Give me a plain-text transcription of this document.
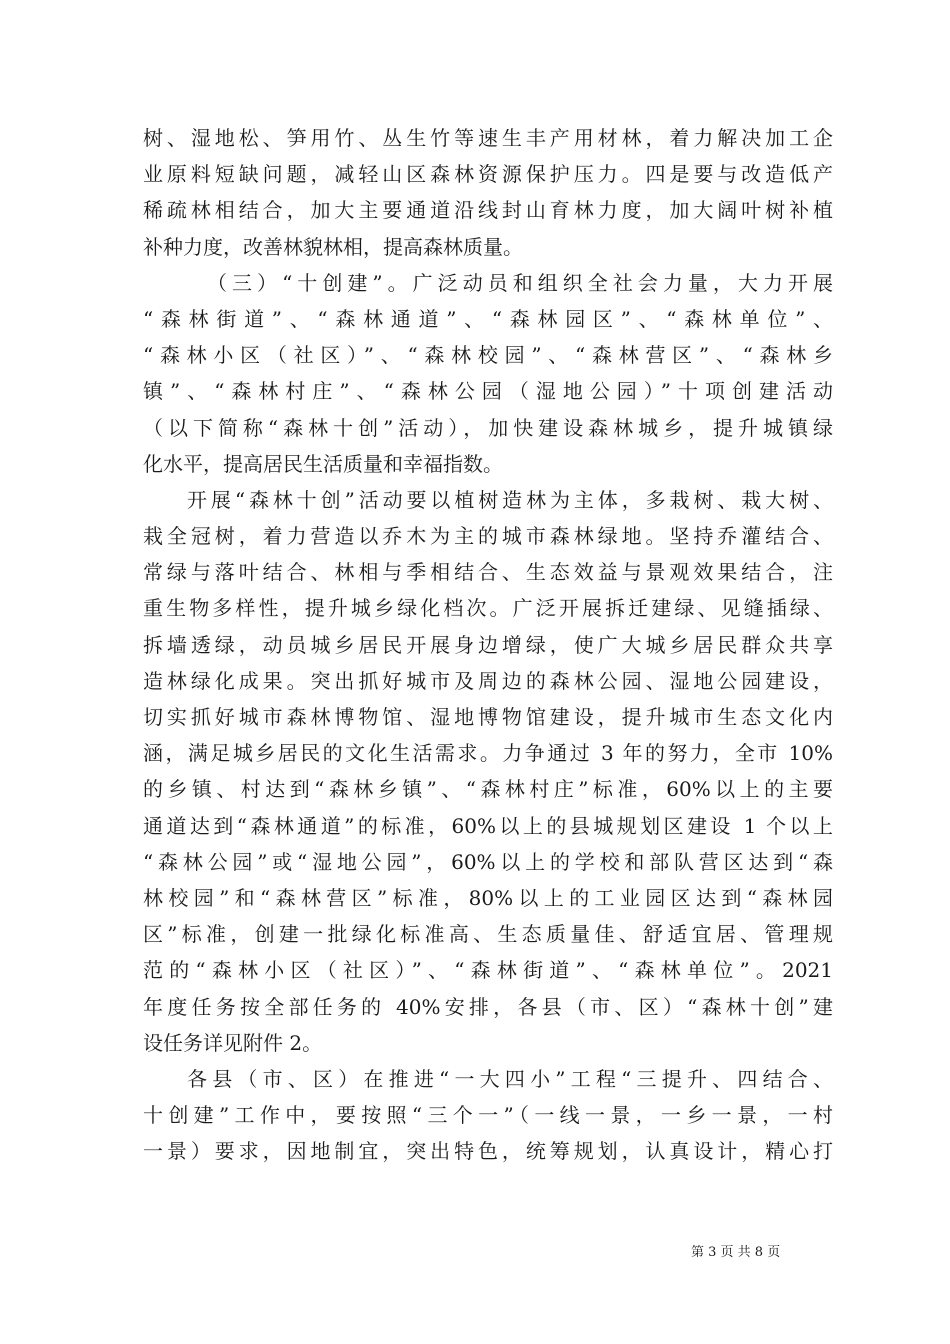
树、湿地松、笋用竹、丛生竹等速生丰产用材林，着力解决加工企
业原料短缺问题，减轻山区森林资源保护压力。四是要与改造低产
稀疏林相结合，加大主要通道沿线封山育林力度，加大阔叶树补植
补种力度，改善林貌林相，提高森林质量。
（三）“十创建”。广泛动员和组织全社会力量，大力开展
“森林街道”、“森林通道”、“森林园区”、“森林单位”、
“森林小区（社区）”、“森林校园”、“森林营区”、“森林乡
镇”、“森林村庄”、“森林公园（湿地公园）”十项创建活动
（以下简称“森林十创”活动），加快建设森林城乡，提升城镇绿
化水平，提高居民生活质量和幸福指数。
开展“森林十创”活动要以植树造林为主体，多栽树、栽大树、
栽全冠树，着力营造以乔木为主的城市森林绿地。坚持乔灌结合、
常绿与落叶结合、林相与季相结合、生态效益与景观效果结合，注
重生物多样性，提升城乡绿化档次。广泛开展拆迁建绿、见缝插绿、
拆墙透绿，动员城乡居民开展身边增绿，使广大城乡居民群众共享
造林绿化成果。突出抓好城市及周边的森林公园、湿地公园建设，
切实抓好城市森林博物馆、湿地博物馆建设，提升城市生态文化内
涵，满足城乡居民的文化生活需求。力争通过 3 年的努力，全市 10%
的乡镇、村达到“森林乡镇”、“森林村庄”标准，60%以上的主要
通道达到“森林通道”的标准，60%以上的县城规划区建设 1 个以上
“森林公园”或“湿地公园”，60%以上的学校和部队营区达到“森
林校园”和“森林营区”标准，80%以上的工业园区达到“森林园
区”标准，创建一批绿化标准高、生态质量佳、舒适宜居、管理规
范的“森林小区（社区）”、“森林街道”、“森林单位”。2021
年度任务按全部任务的 40%安排，各县（市、区）“森林十创”建
设任务详见附件 2。
各县（市、区）在推进“一大四小”工程“三提升、四结合、
十创建”工作中，要按照“三个一”（一线一景，一乡一景，一村
一景）要求，因地制宜，突出特色，统筹规划，认真设计，精心打
第 3 页 共 8 页
